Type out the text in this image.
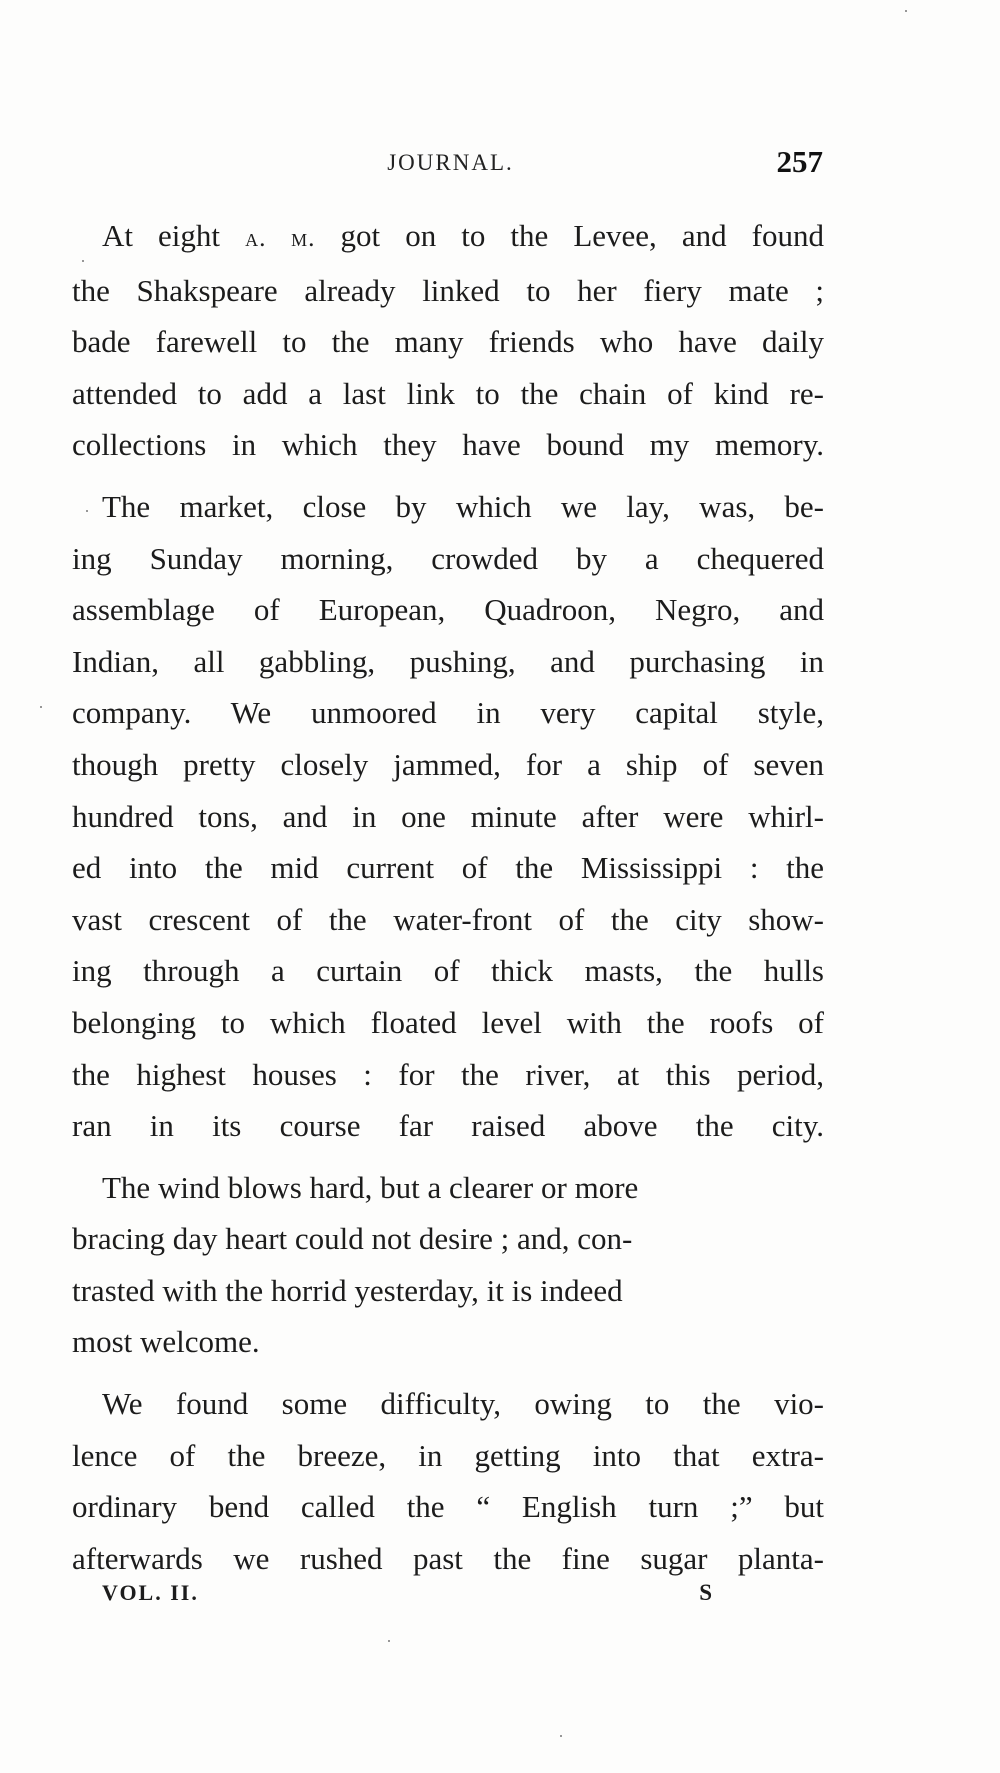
JOURNAL.	257

At eight a. m. got on to the Levee, and found
the Shakspeare already linked to her fiery mate ;
bade farewell to the many friends who have daily
attended to add a last link to the chain of kind re-
collections in which they have bound my memory.

The market, close by which we lay, was, be-
ing Sunday morning, crowded by a chequered
assemblage of European, Quadroon, Negro, and
Indian, all gabbling, pushing, and purchasing in
company. We unmoored in very capital style,
though pretty closely jammed, for a ship of seven
hundred tons, and in one minute after were whirl-
ed into the mid current of the Mississippi : the
vast crescent of the water-front of the city show-
ing through a curtain of thick masts, the hulls
belonging to which floated level with the roofs of
the highest houses : for the river, at this period,
ran in its course far raised above the city.

The wind blows hard, but a clearer or more
bracing day heart could not desire ; and, con-
trasted with the horrid yesterday, it is indeed
most welcome.

We found some difficulty, owing to the vio-
lence of the breeze, in getting into that extra-
ordinary bend called the “ English turn ;” but
afterwards we rushed past the fine sugar planta-

VOL. II.	S
